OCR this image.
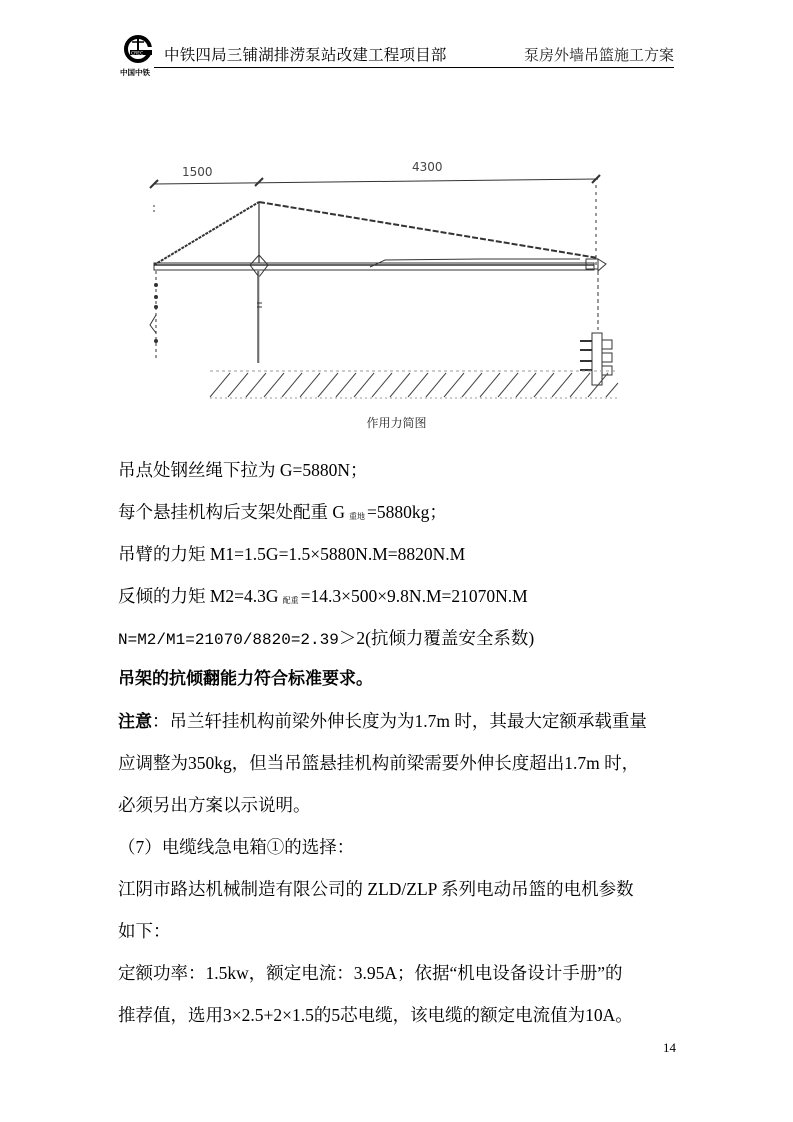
CREC
中国中铁
中铁四局三铺湖排涝泵站改建工程项目部	泵房外墙吊篮施工方案
1500	4300
作用力简图
吊点处钢丝绳下拉为 G=5880N；
每个悬挂机构后支架处配重 G 重地 =5880kg；
吊臂的力矩 M1=1.5G=1.5×5880N.M=8820N.M
反倾的力矩 M2=4.3G 配重 =14.3×500×9.8N.M=21070N.M
N=M2/M1=21070/8820=2.39＞2(抗倾力覆盖安全系数)
吊架的抗倾翻能力符合标准要求。
注意：吊兰轩挂机构前梁外伸长度为为1.7m 时，其最大定额承载重量
应调整为350kg，但当吊篮悬挂机构前梁需要外伸长度超出1.7m 时，
必须另出方案以示说明。
（7）电缆线急电箱①的选择：
江阴市路达机械制造有限公司的 ZLD/ZLP 系列电动吊篮的电机参数
如下：
定额功率：1.5kw，额定电流：3.95A；依据“机电设备设计手册”的
推荐值，选用3×2.5+2×1.5的5芯电缆，该电缆的额定电流值为10A。
14
